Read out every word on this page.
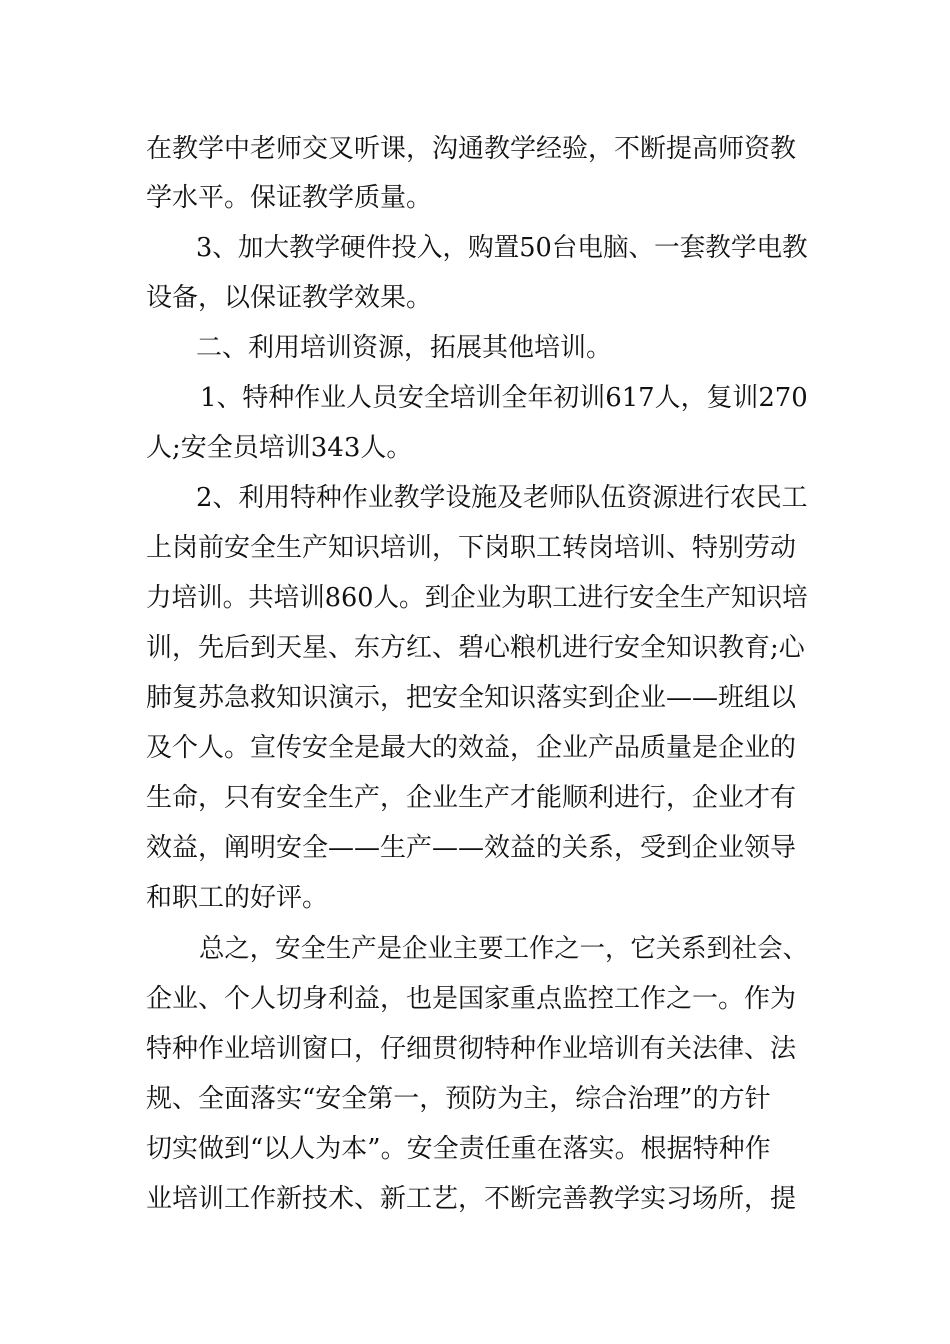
在教学中老师交叉听课，沟通教学经验，不断提高师资教
学水平。保证教学质量。
3、加大教学硬件投入，购置50台电脑、一套教学电教
设备，以保证教学效果。
二、利用培训资源，拓展其他培训。
1、特种作业人员安全培训全年初训617人，复训270
人;安全员培训343人。
2、利用特种作业教学设施及老师队伍资源进行农民工
上岗前安全生产知识培训，下岗职工转岗培训、特别劳动
力培训。共培训860人。到企业为职工进行安全生产知识培
训，先后到天星、东方红、碧心粮机进行安全知识教育;心
肺复苏急救知识演示，把安全知识落实到企业——班组以
及个人。宣传安全是最大的效益，企业产品质量是企业的
生命，只有安全生产，企业生产才能顺利进行，企业才有
效益，阐明安全——生产——效益的关系，受到企业领导
和职工的好评。
总之，安全生产是企业主要工作之一，它关系到社会、
企业、个人切身利益，也是国家重点监控工作之一。作为
特种作业培训窗口，仔细贯彻特种作业培训有关法律、法
规、全面落实“安全第一，预防为主，综合治理”的方针
切实做到“以人为本”。安全责任重在落实。根据特种作
业培训工作新技术、新工艺，不断完善教学实习场所，提
